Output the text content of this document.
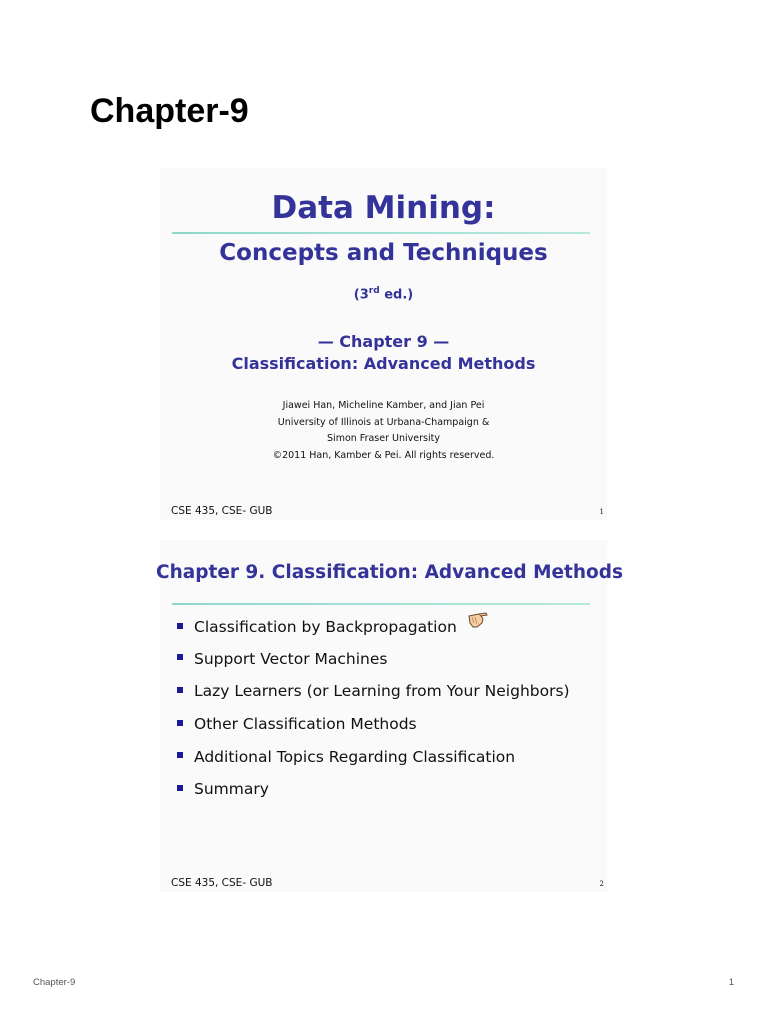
Chapter-9
Data Mining:
Concepts and Techniques
(3rd ed.)
— Chapter 9 —
Classification: Advanced Methods
Jiawei Han, Micheline Kamber, and Jian Pei
University of Illinois at Urbana-Champaign &
Simon Fraser University
©2011 Han, Kamber & Pei. All rights reserved.
CSE 435, CSE- GUB	1
Chapter 9. Classification: Advanced Methods
Classification by Backpropagation
Support Vector Machines
Lazy Learners (or Learning from Your Neighbors)
Other Classification Methods
Additional Topics Regarding Classification
Summary
CSE 435, CSE- GUB	2
Chapter-9	1
